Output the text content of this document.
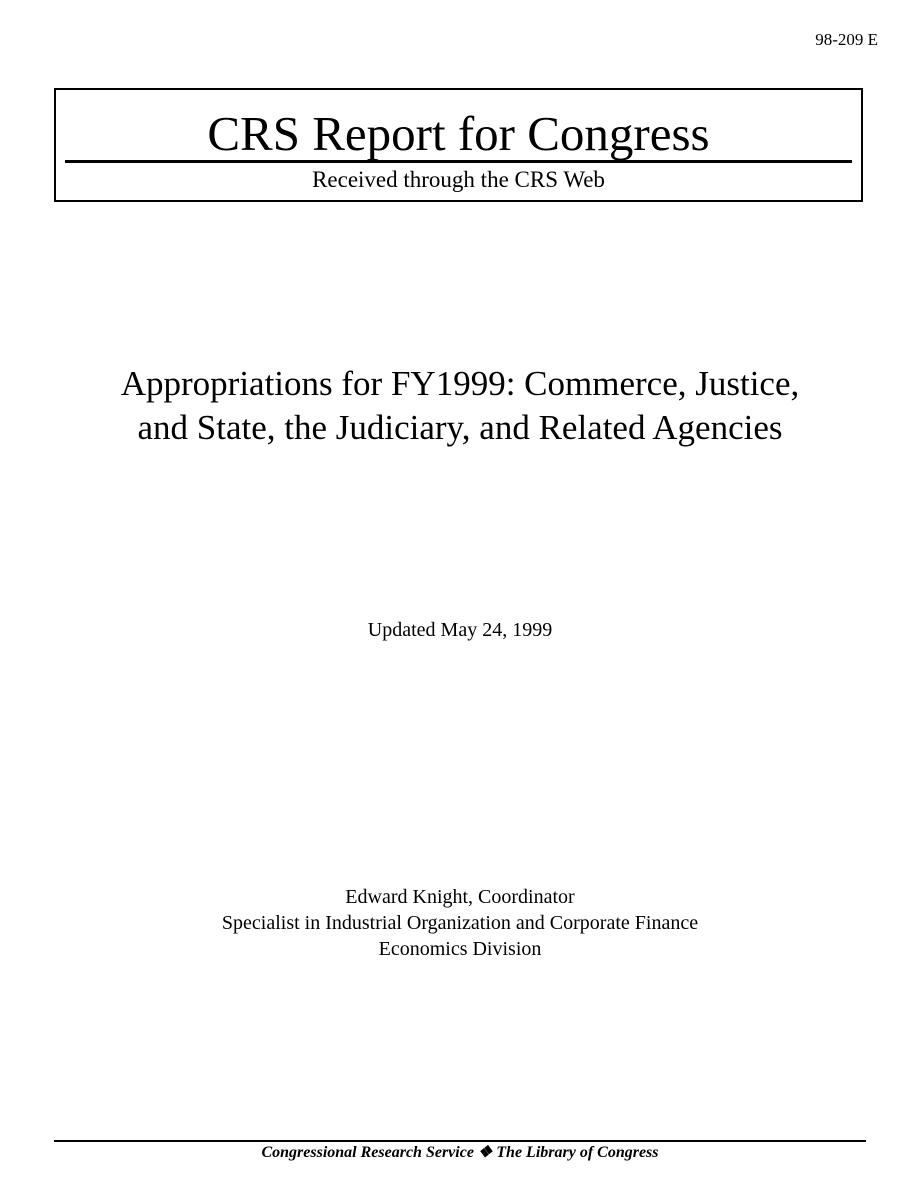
98-209 E
CRS Report for Congress
Received through the CRS Web
Appropriations for FY1999: Commerce, Justice,
and State, the Judiciary, and Related Agencies
Updated May 24, 1999
Edward Knight, Coordinator
Specialist in Industrial Organization and Corporate Finance
Economics Division
Congressional Research Service ❖ The Library of Congress
